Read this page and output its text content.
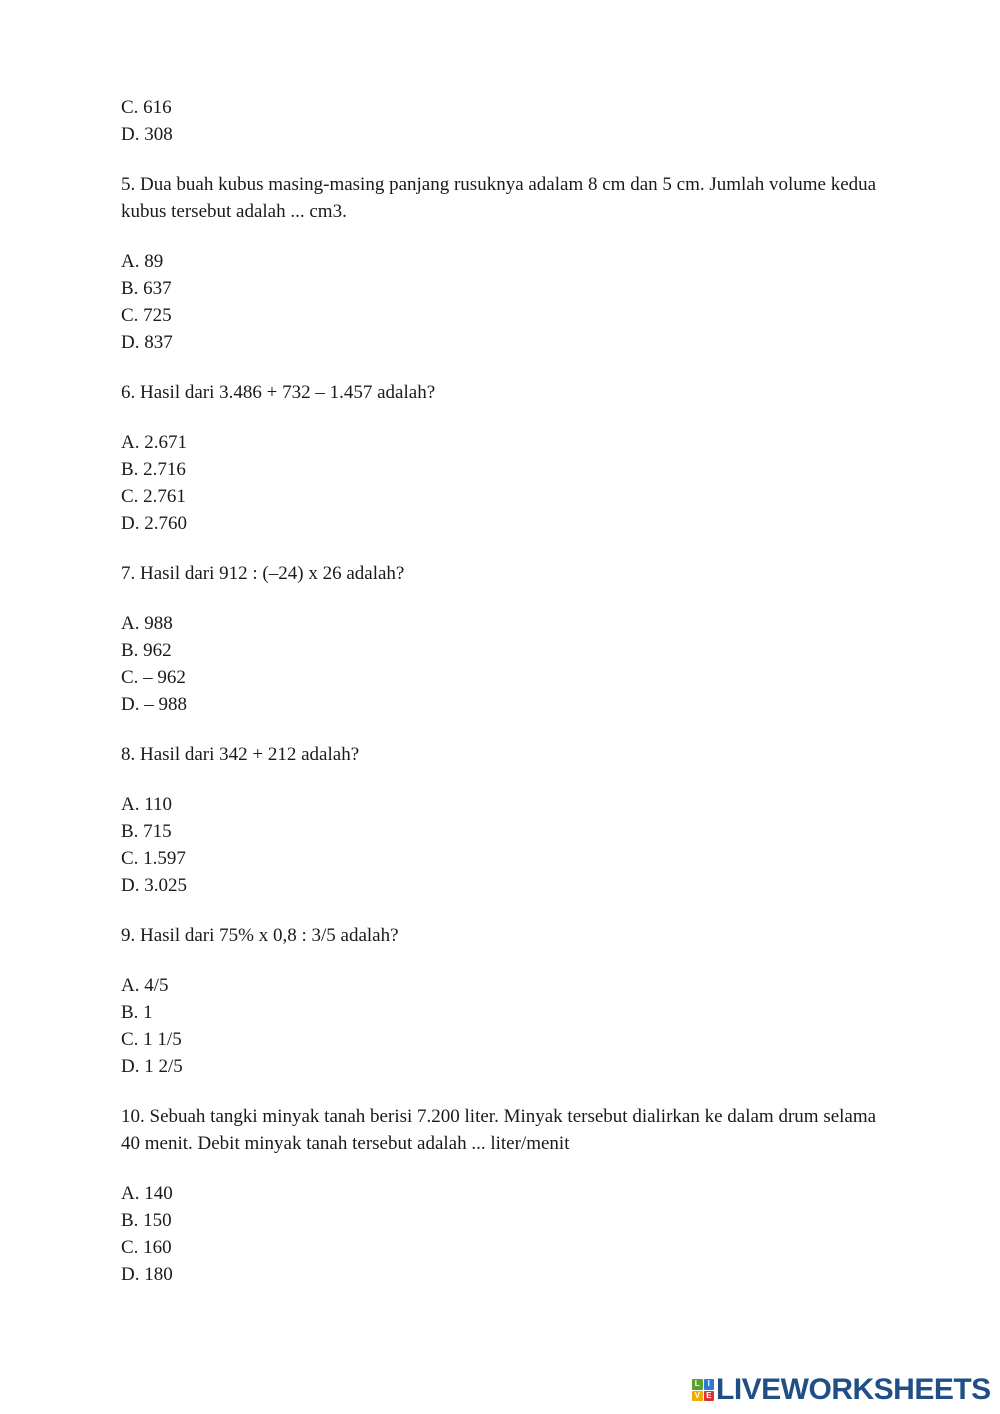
C. 616
D. 308
5. Dua buah kubus masing-masing panjang rusuknya adalam 8 cm dan 5 cm. Jumlah volume kedua kubus tersebut adalah ... cm3.
A. 89
B. 637
C. 725
D. 837
6. Hasil dari 3.486 + 732 – 1.457 adalah?
A. 2.671
B. 2.716
C. 2.761
D. 2.760
7. Hasil dari 912 : (–24) x 26 adalah?
A. 988
B. 962
C. – 962
D. – 988
8. Hasil dari 342 + 212 adalah?
A. 110
B. 715
C. 1.597
D. 3.025
9. Hasil dari 75% x 0,8 : 3/5 adalah?
A. 4/5
B. 1
C. 1 1/5
D. 1 2/5
10. Sebuah tangki minyak tanah berisi 7.200 liter. Minyak tersebut dialirkan ke dalam drum selama 40 menit. Debit minyak tanah tersebut adalah ... liter/menit
A. 140
B. 150
C. 160
D. 180
L I
V E LIVEWORKSHEETS
